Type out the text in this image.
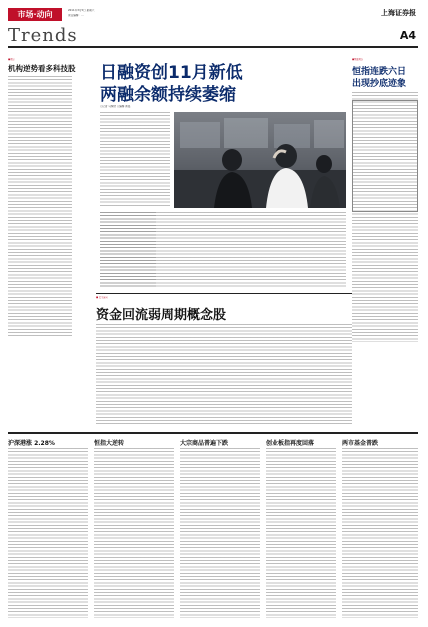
市场·动向	2011年3月5日 星期六
责任编辑：…	上海证券报
Trends	A4
■观察
机构逆势看多科技股 日融资创11月新低
两融余额持续萎缩
○记者 马婧妤 ○编辑 黄铭
■两融观察
恒指连跌六日
出现抄底迹象
■ 资金流向
资金回流弱周期概念股
沪深港涨 2.28%	恒指大逆转	大宗商品普遍下跌	创业板指再度回落	两市基金普跌
